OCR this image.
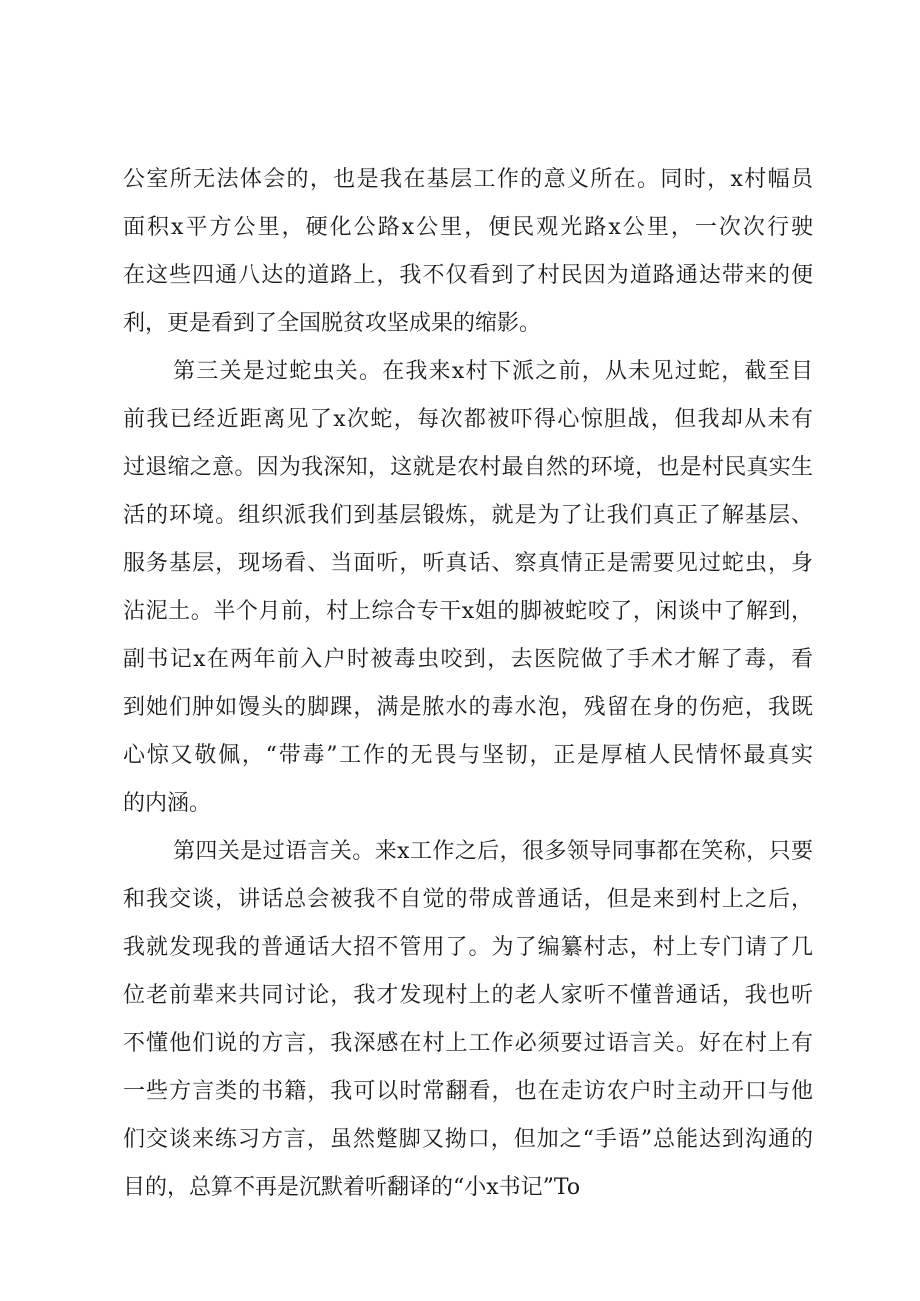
公室所无法体会的，也是我在基层工作的意义所在。同时，x村幅员
面积x平方公里，硬化公路x公里，便民观光路x公里，一次次行驶
在这些四通八达的道路上，我不仅看到了村民因为道路通达带来的便
利，更是看到了全国脱贫攻坚成果的缩影。
第三关是过蛇虫关。在我来x村下派之前，从未见过蛇，截至目
前我已经近距离见了x次蛇，每次都被吓得心惊胆战，但我却从未有
过退缩之意。因为我深知，这就是农村最自然的环境，也是村民真实生
活的环境。组织派我们到基层锻炼，就是为了让我们真正了解基层、
服务基层，现场看、当面听，听真话、察真情正是需要见过蛇虫，身
沾泥土。半个月前，村上综合专干x姐的脚被蛇咬了，闲谈中了解到，
副书记x在两年前入户时被毒虫咬到，去医院做了手术才解了毒，看
到她们肿如馒头的脚踝，满是脓水的毒水泡，残留在身的伤疤，我既
心惊又敬佩，“带毒”工作的无畏与坚韧，正是厚植人民情怀最真实
的内涵。
第四关是过语言关。来x工作之后，很多领导同事都在笑称，只要
和我交谈，讲话总会被我不自觉的带成普通话，但是来到村上之后，
我就发现我的普通话大招不管用了。为了编纂村志，村上专门请了几
位老前辈来共同讨论，我才发现村上的老人家听不懂普通话，我也听
不懂他们说的方言，我深感在村上工作必须要过语言关。好在村上有
一些方言类的书籍，我可以时常翻看，也在走访农户时主动开口与他
们交谈来练习方言，虽然蹩脚又拗口，但加之“手语”总能达到沟通的
目的，总算不再是沉默着听翻译的“小x书记”To
